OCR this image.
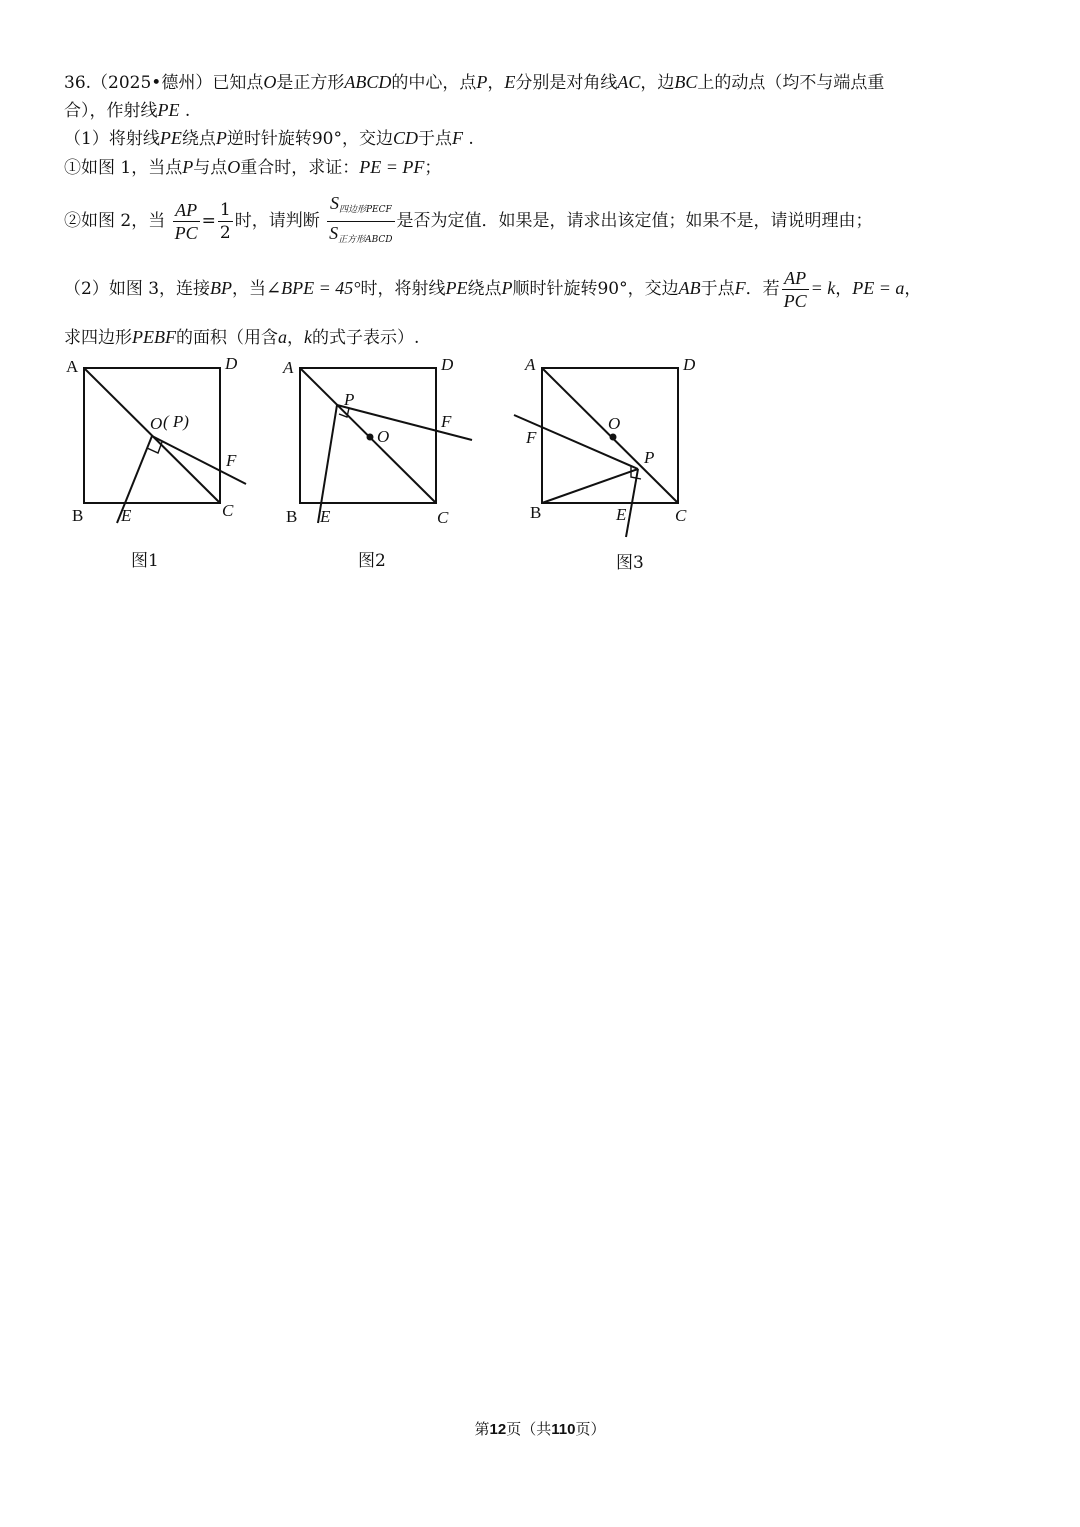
36.（2025•德州）已知点O是正方形ABCD的中心，点P，E分别是对角线AC，边BC上的动点（均不与端点重
合），作射线PE .
（1）将射线PE绕点P逆时针旋转90°，交边CD于点F .
①如图 1，当点P与点O重合时，求证：PE = PF；
②如图 2，当 $\frac{AP}{PC} = \frac{1}{2}$ 时，请判断 $\frac{S_{四边形PECF}}{S_{正方形ABCD}}$ 是否为定值．如果是，请求出该定值；如果不是，请说明理由；
（2）如图 3，连接BP，当∠BPE = 45°时，将射线PE绕点P顺时针旋转90°，交边AB于点F．若 $\frac{AP}{PC} = k$，PE = a，
求四边形PEBF的面积（用含a，k的式子表示）.
A	D
B E	C
F
O ( P)
A	D
B E	C
F
P
O
A	D
B	E	C
F
O
P
图1	图2	图3
第12页（共110页）
